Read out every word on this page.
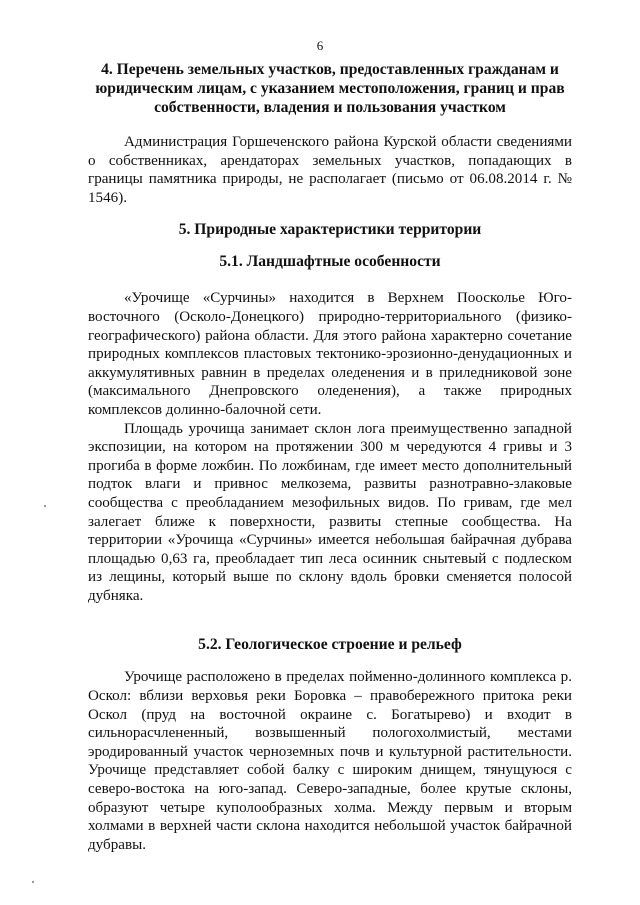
6
4. Перечень земельных участков, предоставленных гражданам и юридическим лицам, с указанием местоположения, границ и прав собственности, владения и пользования участком

Администрация Горшеченского района Курской области сведениями о собственниках, арендаторах земельных участков, попадающих в границы памятника природы, не располагает (письмо от 06.08.2014 г. № 1546).

5. Природные характеристики территории
5.1. Ландшафтные особенности

«Урочище «Сурчины» находится в Верхнем Поосколье Юго-восточного (Осколо-Донецкого) природно-территориального (физико-географического) района области. Для этого района характерно сочетание природных комплексов пластовых тектонико-эрозионно-денудационных и аккумулятивных равнин в пределах оледенения и в приледниковой зоне (максимального Днепровского оледенения), а также природных комплексов долинно-балочной сети.

Площадь урочища занимает склон лога преимущественно западной экспозиции, на котором на протяжении 300 м чередуются 4 гривы и 3 прогиба в форме ложбин. По ложбинам, где имеет место дополнительный подток влаги и привнос мелкозема, развиты разнотравно-злаковые сообщества с преобладанием мезофильных видов. По гривам, где мел залегает ближе к поверхности, развиты степные сообщества. На территории «Урочища «Сурчины» имеется небольшая байрачная дубрава площадью 0,63 га, преобладает тип леса осинник снытевый с подлеском из лещины, который выше по склону вдоль бровки сменяется полосой дубняка.

5.2. Геологическое строение и рельеф

Урочище расположено в пределах пойменно-долинного комплекса р. Оскол: вблизи верховья реки Боровка – правобережного притока реки Оскол (пруд на восточной окраине с. Богатырево) и входит в сильнорасчлененный, возвышенный пологохолмистый, местами эродированный участок черноземных почв и культурной растительности. Урочище представляет собой балку с широким днищем, тянущуюся с северо-востока на юго-запад. Северо-западные, более крутые склоны, образуют четыре куполообразных холма. Между первым и вторым холмами в верхней части склона находится небольшой участок байрачной дубравы.
